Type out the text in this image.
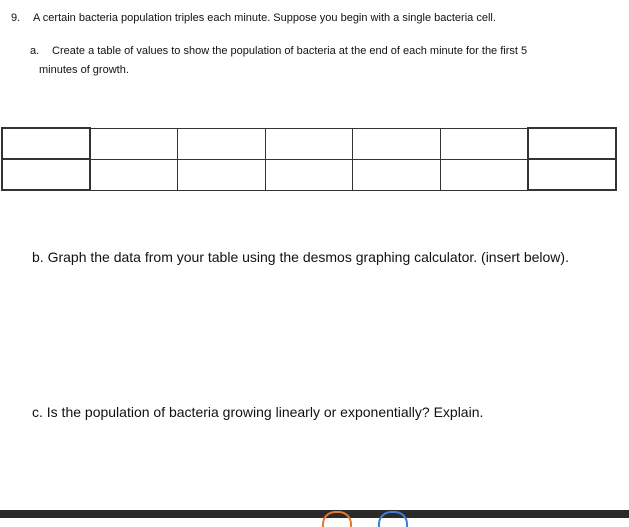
9. A certain bacteria population triples each minute. Suppose you begin with a single bacteria cell.
a. Create a table of values to show the population of bacteria at the end of each minute for the first 5
minutes of growth.

b. Graph the data from your table using the desmos graphing calculator. (insert below).
c. Is the population of bacteria growing linearly or exponentially? Explain.
